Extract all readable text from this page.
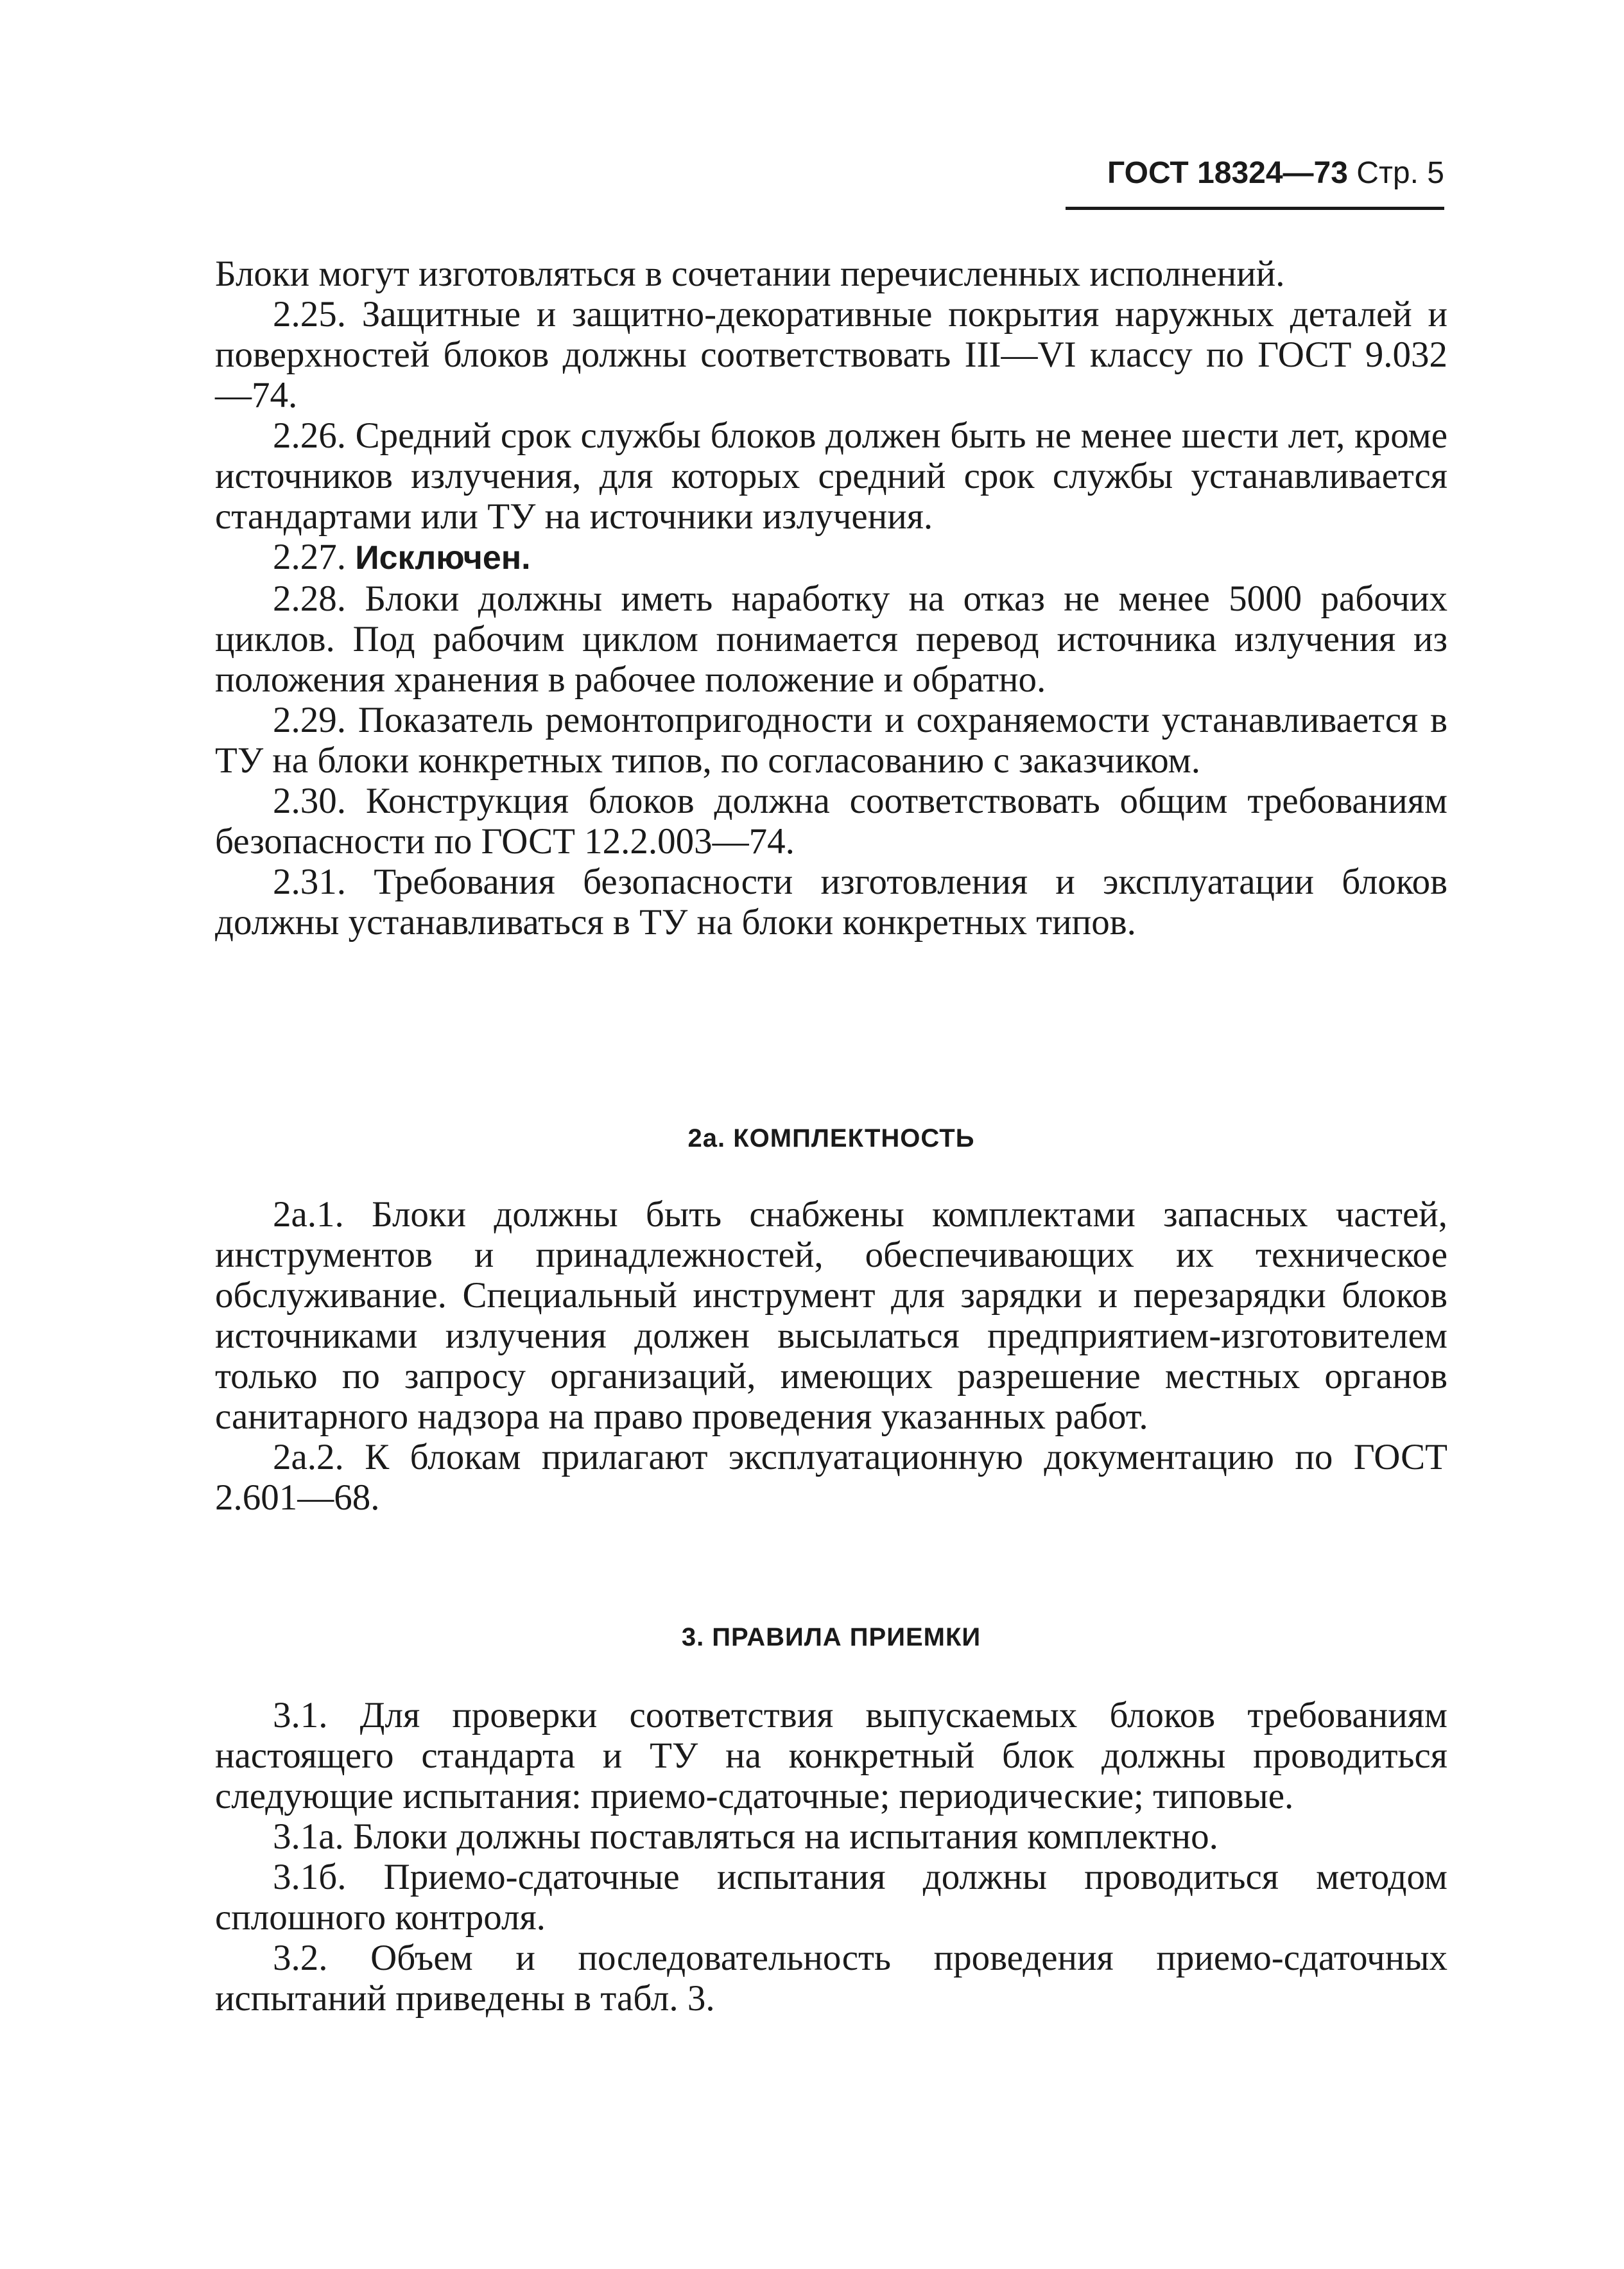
ГОСТ 18324—73 Стр. 5

Блоки могут изготовляться в сочетании перечисленных исполнений.

2.25. Защитные и защитно-декоративные покрытия наружных деталей и поверхностей блоков должны соответствовать III—VI классу по ГОСТ 9.032—74.

2.26. Средний срок службы блоков должен быть не менее шести лет, кроме источников излучения, для которых средний срок службы устанавливается стандартами или ТУ на источники излучения.

2.27. Исключен.

2.28. Блоки должны иметь наработку на отказ не менее 5000 рабочих циклов. Под рабочим циклом понимается перевод источника излучения из положения хранения в рабочее положение и обратно.

2.29. Показатель ремонтопригодности и сохраняемости устанавливается в ТУ на блоки конкретных типов, по согласованию с заказчиком.

2.30. Конструкция блоков должна соответствовать общим требованиям безопасности по ГОСТ 12.2.003—74.

2.31. Требования безопасности изготовления и эксплуатации блоков должны устанавливаться в ТУ на блоки конкретных типов.

2а. КОМПЛЕКТНОСТЬ

2а.1. Блоки должны быть снабжены комплектами запасных частей, инструментов и принадлежностей, обеспечивающих их техническое обслуживание. Специальный инструмент для зарядки и перезарядки блоков источниками излучения должен высылаться предприятием-изготовителем только по запросу организаций, имеющих разрешение местных органов санитарного надзора на право проведения указанных работ.

2а.2. К блокам прилагают эксплуатационную документацию по ГОСТ 2.601—68.

3. ПРАВИЛА ПРИЕМКИ

3.1. Для проверки соответствия выпускаемых блоков требованиям настоящего стандарта и ТУ на конкретный блок должны проводиться следующие испытания: приемо-сдаточные; периодические; типовые.

3.1а. Блоки должны поставляться на испытания комплектно.

3.1б. Приемо-сдаточные испытания должны проводиться методом сплошного контроля.

3.2. Объем и последовательность проведения приемо-сдаточных испытаний приведены в табл. 3.
